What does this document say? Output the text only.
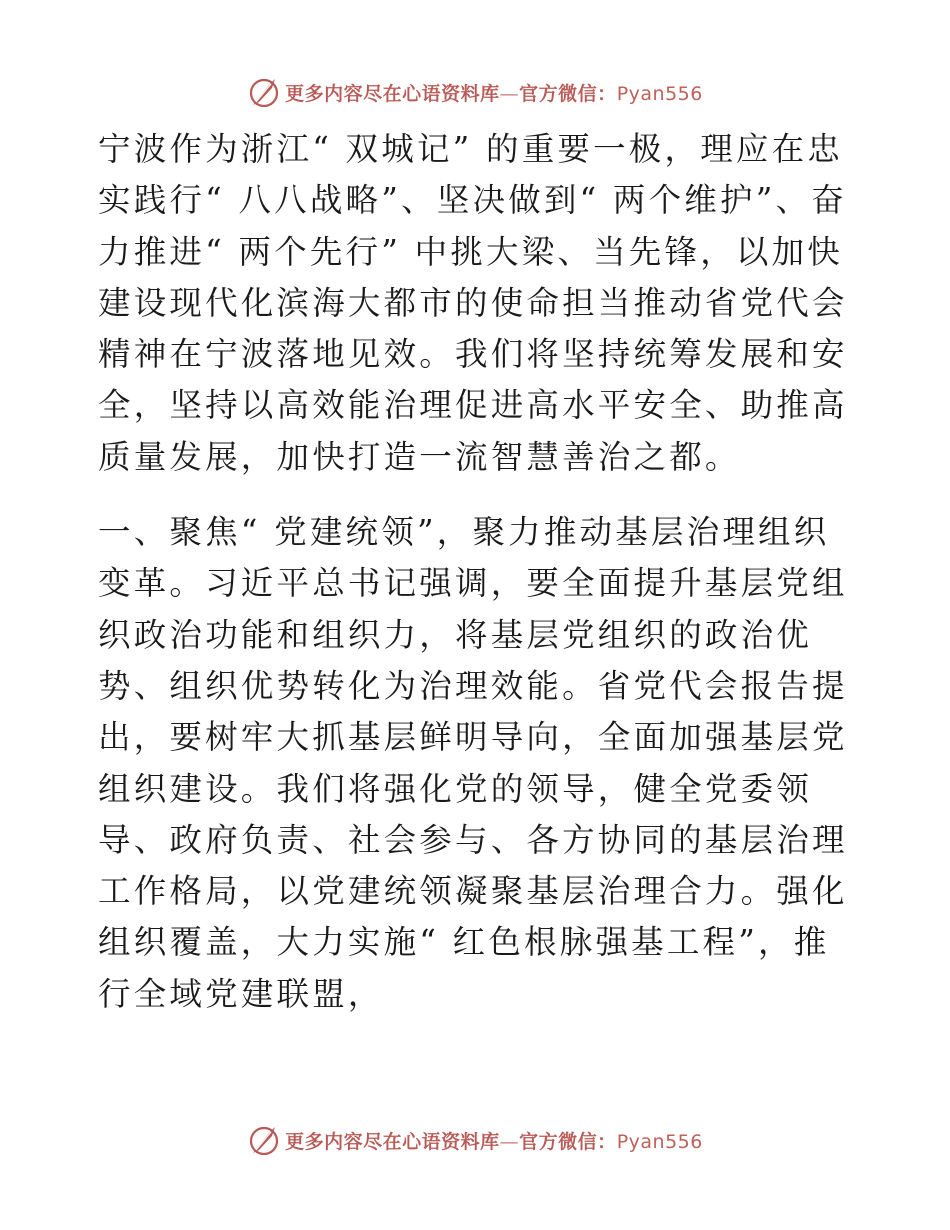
更多内容尽在心语资料库—官方微信：Pyan556

宁波作为浙江“ 双城记” 的重要一极，理应在忠实践行“ 八八战略”、坚决做到“ 两个维护”、奋力推进“ 两个先行” 中挑大梁、当先锋，以加快建设现代化滨海大都市的使命担当推动省党代会精神在宁波落地见效。我们将坚持统筹发展和安全，坚持以高效能治理促进高水平安全、助推高质量发展，加快打造一流智慧善治之都。

一、聚焦“ 党建统领”，聚力推动基层治理组织变革。习近平总书记强调，要全面提升基层党组织政治功能和组织力，将基层党组织的政治优势、组织优势转化为治理效能。省党代会报告提出，要树牢大抓基层鲜明导向，全面加强基层党组织建设。我们将强化党的领导，健全党委领导、政府负责、社会参与、各方协同的基层治理工作格局，以党建统领凝聚基层治理合力。强化组织覆盖，大力实施“ 红色根脉强基工程”，推行全域党建联盟，

更多内容尽在心语资料库—官方微信：Pyan556
